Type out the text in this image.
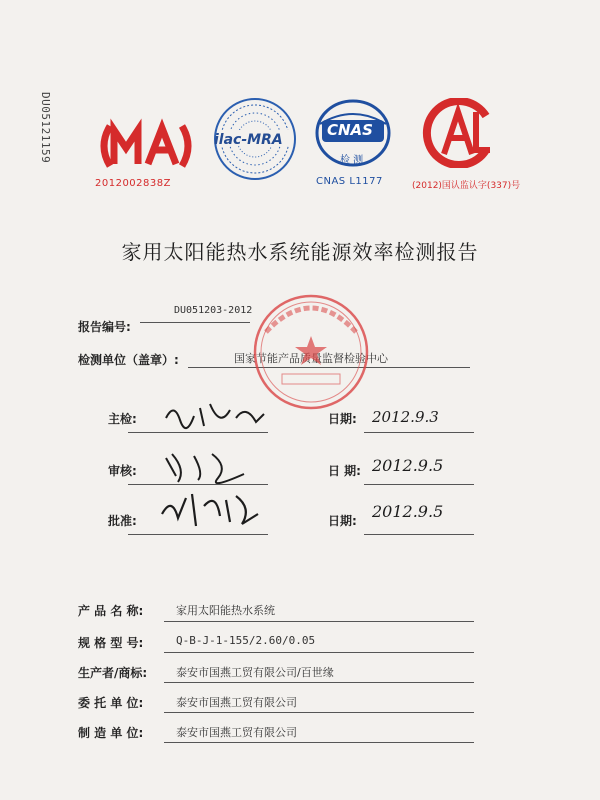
DU05121159
2012002838Z
ilac-MRA
CNAS
检 测
CNAS L1177	(2012)国认监认字(337)号
家用太阳能热水系统能源效率检测报告
报告编号:
DU051203-2012
检测单位（盖章）:	国家节能产品质量监督检验中心
主检:	日期: 2012.9.3
审核:	日 期: 2012.9.5
批准:	日期: 2012.9.5
产 品 名 称:	家用太阳能热水系统
规 格 型 号:	Q-B-J-1-155/2.60/0.05
生产者/商标:	泰安市国燕工贸有限公司/百世缘
委 托 单 位:	泰安市国燕工贸有限公司
制 造 单 位:	泰安市国燕工贸有限公司
